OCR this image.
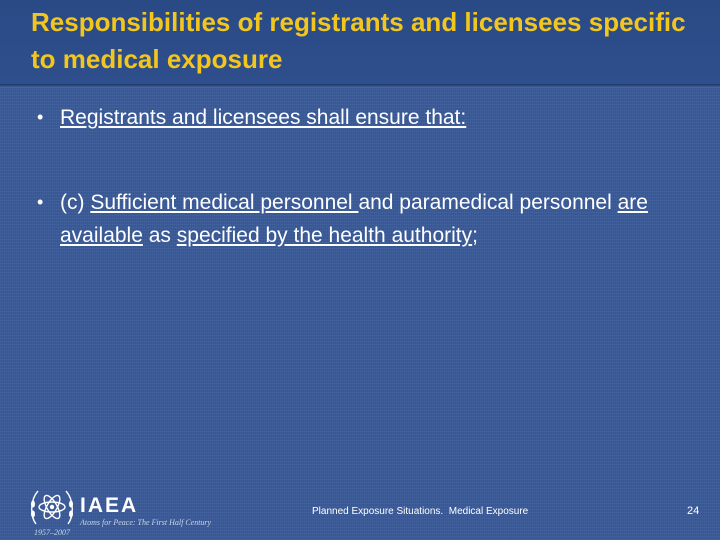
Responsibilities of registrants and licensees specific to medical exposure
• Registrants and licensees shall ensure that:
• (c) Sufficient medical personnel and paramedical personnel are available as specified by the health authority;
IAEA
Atoms for Peace: The First Half Century
1957–2007
Planned Exposure Situations.  Medical Exposure	24
